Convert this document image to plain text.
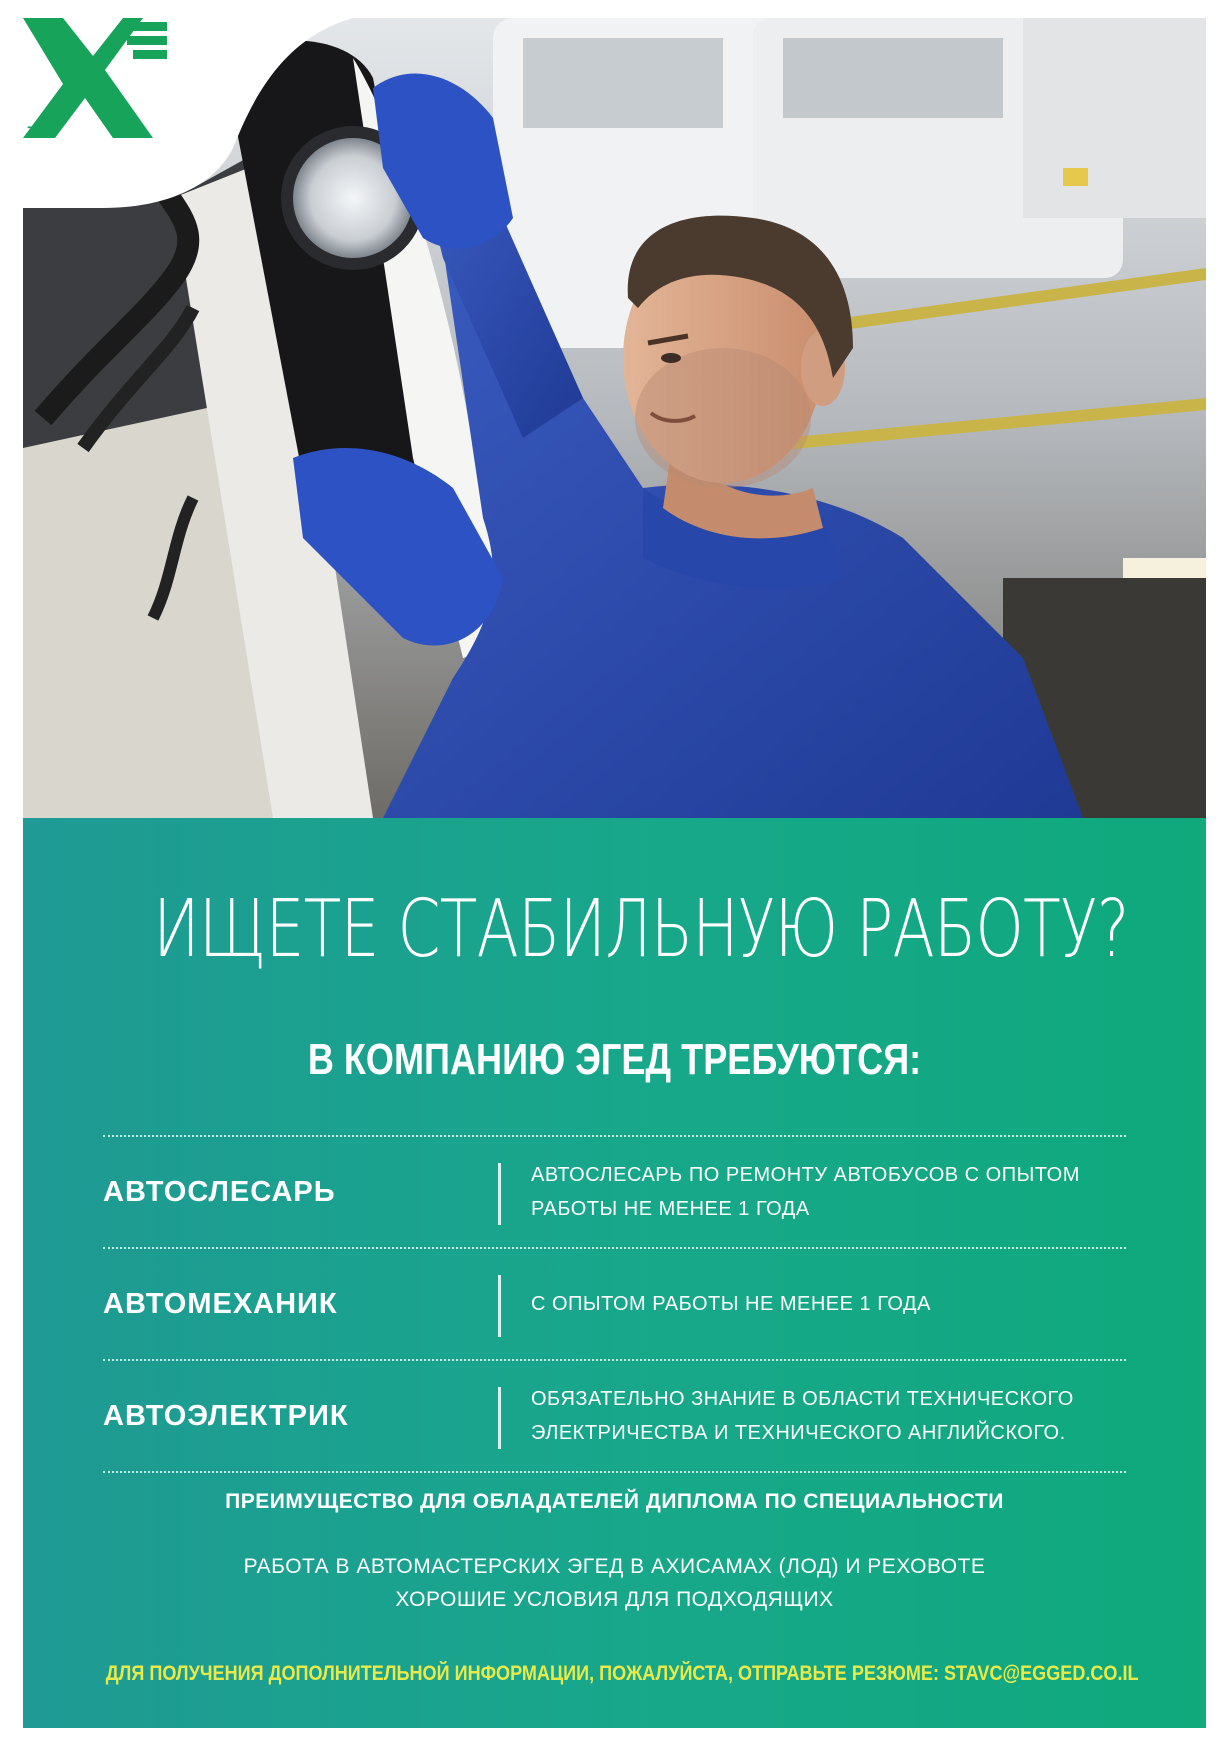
אגד
ИЩЕТЕ СТАБИЛЬНУЮ РАБОТУ?
В КОМПАНИЮ ЭГЕД ТРЕБУЮТСЯ:
АВТОСЛЕСАРЬ
АВТОСЛЕСАРЬ ПО РЕМОНТУ АВТОБУСОВ С ОПЫТОМ РАБОТЫ НЕ МЕНЕЕ 1 ГОДА
АВТОМЕХАНИК	С ОПЫТОМ РАБОТЫ НЕ МЕНЕЕ 1 ГОДА
АВТОЭЛЕКТРИК
ОБЯЗАТЕЛЬНО ЗНАНИЕ В ОБЛАСТИ ТЕХНИЧЕСКОГО ЭЛЕКТРИЧЕСТВА И ТЕХНИЧЕСКОГО АНГЛИЙСКОГО.
ПРЕИМУЩЕСТВО ДЛЯ ОБЛАДАТЕЛЕЙ ДИПЛОМА ПО СПЕЦИАЛЬНОСТИ
РАБОТА В АВТОМАСТЕРСКИХ ЭГЕД В АХИСАМАХ (ЛОД) И РЕХОВОТЕ
ХОРОШИЕ УСЛОВИЯ ДЛЯ ПОДХОДЯЩИХ
ДЛЯ ПОЛУЧЕНИЯ ДОПОЛНИТЕЛЬНОЙ ИНФОРМАЦИИ, ПОЖАЛУЙСТА, ОТПРАВЬТЕ РЕЗЮМЕ: STAVC@EGGED.CO.IL
